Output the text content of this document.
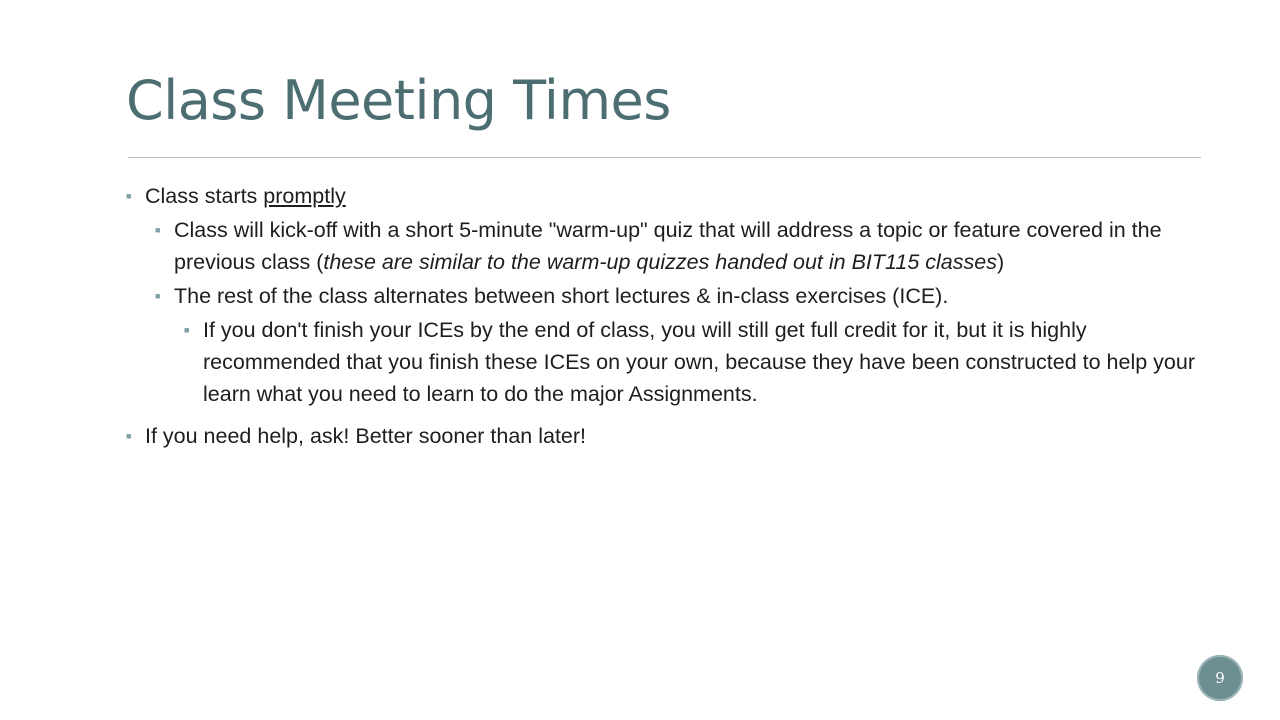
Class Meeting Times
■ Class starts promptly
■ Class will kick-off with a short 5-minute "warm-up" quiz that will address a topic or feature covered in the previous class (these are similar to the warm-up quizzes handed out in BIT115 classes)
■ The rest of the class alternates between short lectures & in-class exercises (ICE).
■ If you don't finish your ICEs by the end of class, you will still get full credit for it, but it is highly recommended that you finish these ICEs on your own, because they have been constructed to help your learn what you need to learn to do the major Assignments.
■ If you need help, ask! Better sooner than later!
9
